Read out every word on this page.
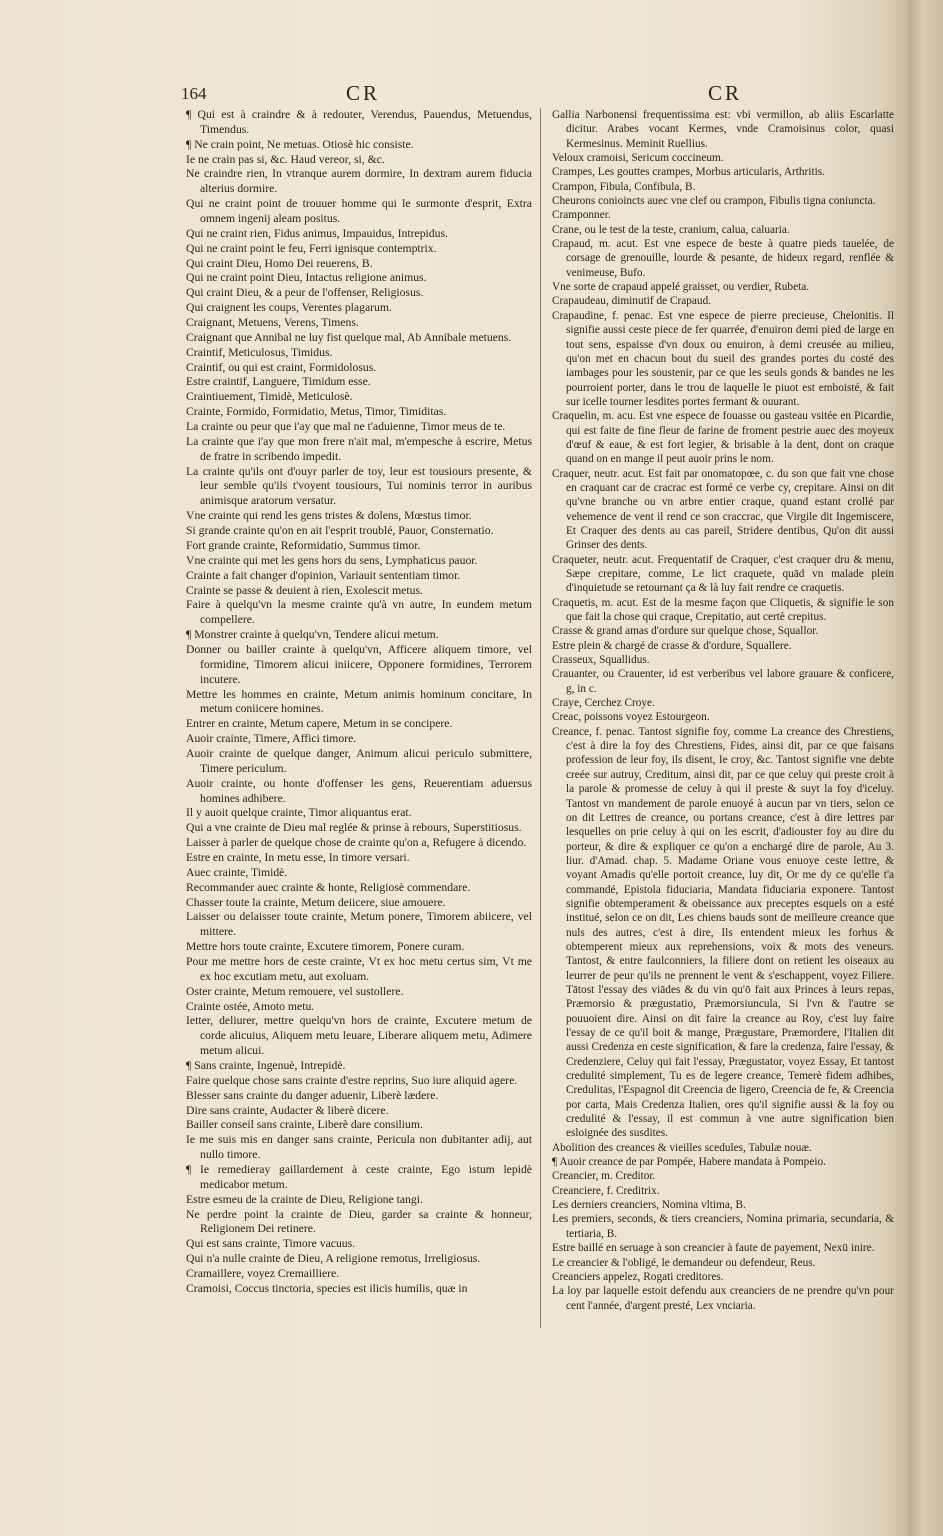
164	CR	CR

¶ Qui est à craindre & à redouter, Verendus, Pauendus, Metuendus, Timendus.

¶ Ne crain point, Ne metuas. Otiosè hic consiste.

Ie ne crain pas si, &c. Haud vereor, si, &c.

Ne craindre rien, In vtranque aurem dormire, In dextram aurem fiducia alterius dormire.

Qui ne craint point de trouuer homme qui le surmonte d'esprit, Extra omnem ingenij aleam positus.

Qui ne craint rien, Fidus animus, Impauidus, Intrepidus.

Qui ne craint point le feu, Ferri ignisque contemptrix.

Qui craint Dieu, Homo Dei reuerens, B.

Qui ne craint point Dieu, Intactus religione animus.

Qui craint Dieu, & a peur de l'offenser, Religiosus.

Qui craignent les coups, Verentes plagarum.

Craignant, Metuens, Verens, Timens.

Craignant que Annibal ne luy fist quelque mal, Ab Annibale metuens.

Craintif, Meticulosus, Timidus.

Craintif, ou qui est craint, Formidolosus.

Estre craintif, Languere, Timidum esse.

Craintiuement, Timidè, Meticulosè.

Crainte, Formido, Formidatio, Metus, Timor, Timiditas.

La crainte ou peur que i'ay que mal ne t'aduienne, Timor meus de te.

La crainte que i'ay que mon frere n'ait mal, m'empesche à escrire, Metus de fratre in scribendo impedit.

La crainte qu'ils ont d'ouyr parler de toy, leur est tousiours presente, & leur semble qu'ils t'voyent tousiours, Tui nominis terror in auribus animisque aratorum versatur.

Vne crainte qui rend les gens tristes & dolens, Mœstus timor.

Si grande crainte qu'on en ait l'esprit troublé, Pauor, Consternatio.

Fort grande crainte, Reformidatio, Summus timor.

Vne crainte qui met les gens hors du sens, Lymphaticus pauor.

Crainte a fait changer d'opinion, Variauit sententiam timor.

Crainte se passe & deuient à rien, Exolescit metus.

Faire à quelqu'vn la mesme crainte qu'à vn autre, In eundem metum compellere.

¶ Monstrer crainte à quelqu'vn, Tendere alicui metum.

Donner ou bailler crainte à quelqu'vn, Afficere aliquem timore, vel formidine, Timorem alicui iniicere, Opponere formidines, Terrorem incutere.

Mettre les hommes en crainte, Metum animis hominum concitare, In metum coniicere homines.

Entrer en crainte, Metum capere, Metum in se concipere.

Auoir crainte, Timere, Affici timore.

Auoir crainte de quelque danger, Animum alicui periculo submittere, Timere periculum.

Auoir crainte, ou honte d'offenser les gens, Reuerentiam aduersus homines adhibere.

Il y auoit quelque crainte, Timor aliquantus erat.

Qui a vne crainte de Dieu mal reglée & prinse à rebours, Superstitiosus.

Laisser à parler de quelque chose de crainte qu'on a, Refugere à dicendo.

Estre en crainte, In metu esse, In timore versari.

Auec crainte, Timidè.

Recommander auec crainte & honte, Religiosè commendare.

Chasser toute la crainte, Metum deiicere, siue amouere.

Laisser ou delaisser toute crainte, Metum ponere, Timorem abiicere, vel mittere.

Mettre hors toute crainte, Excutere timorem, Ponere curam.

Pour me mettre hors de ceste crainte, Vt ex hoc metu certus sim, Vt me ex hoc excutiam metu, aut exoluam.

Oster crainte, Metum remouere, vel sustollere.

Crainte ostée, Amoto metu.

Ietter, deliurer, mettre quelqu'vn hors de crainte, Excutere metum de corde alicuius, Aliquem metu leuare, Liberare aliquem metu, Adimere metum alicui.

¶ Sans crainte, Ingenuè, Intrepidè.

Faire quelque chose sans crainte d'estre reprins, Suo iure aliquid agere.

Blesser sans crainte du danger aduenir, Liberè lædere.

Dire sans crainte, Audacter & liberè dicere.

Bailler conseil sans crainte, Liberè dare consilium.

Ie me suis mis en danger sans crainte, Pericula non dubitanter adij, aut nullo timore.

¶ Ie remedieray gaillardement à ceste crainte, Ego istum lepidè medicabor metum.

Estre esmeu de la crainte de Dieu, Religione tangi.

Ne perdre point la crainte de Dieu, garder sa crainte & honneur, Religionem Dei retinere.

Qui est sans crainte, Timore vacuus.

Qui n'a nulle crainte de Dieu, A religione remotus, Irreligiosus.

Cramaillere, voyez Cremailliere.

Cramoisi, Coccus tinctoria, species est ilicis humilis, quæ in

Gallia Narbonensi frequentissima est: vbi vermillon, ab aliis Escarlatte dicitur. Arabes vocant Kermes, vnde Cramoisinus color, quasi Kermesinus. Meminit Ruellius.

Veloux cramoisi, Sericum coccineum.

Crampes, Les gouttes crampes, Morbus articularis, Arthritis.

Crampon, Fibula, Confibula, B.

Cheurons conioincts auec vne clef ou crampon, Fibulis tigna coniuncta.

Cramponner.

Crane, ou le test de la teste, cranium, calua, caluaria.

Crapaud, m. acut. Est vne espece de beste à quatre pieds tauelée, de corsage de grenouille, lourde & pesante, de hideux regard, renflée & venimeuse, Bufo.

Vne sorte de crapaud appelé graisset, ou verdier, Rubeta.

Crapaudeau, diminutif de Crapaud.

Crapaudine, f. penac. Est vne espece de pierre precieuse, Chelonitis. Il signifie aussi ceste piece de fer quarrée, d'enuiron demi pied de large en tout sens, espaisse d'vn doux ou enuiron, à demi creusée au milieu, qu'on met en chacun bout du sueil des grandes portes du costé des iambages pour les soustenir, par ce que les seuls gonds & bandes ne les pourroient porter, dans le trou de laquelle le piuot est emboisté, & fait sur icelle tourner lesdites portes fermant & ouurant.

Craquelin, m. acu. Est vne espece de fouasse ou gasteau vsitée en Picardie, qui est faite de fine fleur de farine de froment pestrie auec des moyeux d'œuf & eaue, & est fort legier, & brisable à la dent, dont on craque quand on en mange il peut auoir prins le nom.

Craquer, neutr. acut. Est fait par onomatopœe, c. du son que fait vne chose en craquant car de cracrac est formé ce verbe cy, crepitare. Ainsi on dit qu'vne branche ou vn arbre entier craque, quand estant crollé par vehemence de vent il rend ce son craccrac, que Virgile dit Ingemiscere, Et Craquer des dents au cas pareil, Stridere dentibus, Qu'on dit aussi Grinser des dents.

Craqueter, neutr. acut. Frequentatif de Craquer, c'est craquer dru & menu, Sæpe crepitare, comme, Le lict craquete, quād vn malade plein d'inquietude se retournant ça & là luy fait rendre ce craquetis.

Craquetis, m. acut. Est de la mesme façon que Cliquetis, & signifie le son que fait la chose qui craque, Crepitatio, aut certè crepitus.

Crasse & grand amas d'ordure sur quelque chose, Squallor.

Estre plein & chargé de crasse & d'ordure, Squallere.

Crasseux, Squallidus.

Crauanter, ou Crauenter, id est verberibus vel labore grauare & conficere, g, in c.

Craye, Cerchez Croye.

Creac, poissons voyez Estourgeon.

Creance, f. penac. Tantost signifie foy, comme La creance des Chrestiens, c'est à dire la foy des Chrestiens, Fides, ainsi dit, par ce que faisans profession de leur foy, ils disent, Ie croy, &c. Tantost signifie vne debte creée sur autruy, Creditum, ainsi dit, par ce que celuy qui preste croit à la parole & promesse de celuy à qui il preste & suyt la foy d'iceluy. Tantost vn mandement de parole enuoyé à aucun par vn tiers, selon ce on dit Lettres de creance, ou portans creance, c'est à dire lettres par lesquelles on prie celuy à qui on les escrit, d'adiouster foy au dire du porteur, & dire & expliquer ce qu'on a enchargé dire de parole, Au 3. liur. d'Amad. chap. 5. Madame Oriane vous enuoye ceste lettre, & voyant Amadis qu'elle portoit creance, luy dit, Or me dy ce qu'elle t'a commandé, Epistola fiduciaria, Mandata fiduciaria exponere. Tantost signifie obtemperament & obeissance aux preceptes esquels on a esté institué, selon ce on dit, Les chiens bauds sont de meilleure creance que nuls des autres, c'est à dire, Ils entendent mieux les forhus & obtemperent mieux aux reprehensions, voix & mots des veneurs. Tantost, & entre faulconniers, la filiere dont on retient les oiseaux au leurrer de peur qu'ils ne prennent le vent & s'eschappent, voyez Filiere. Tātost l'essay des viādes & du vin qu'ō fait aux Princes à leurs repas, Præmorsio & prægustatio, Præmorsiuncula, Si l'vn & l'autre se pouuoient dire. Ainsi on dit faire la creance au Roy, c'est luy faire l'essay de ce qu'il boit & mange, Prægustare, Præmordere, l'Italien dit aussi Credenza en ceste signification, & fare la credenza, faire l'essay, & Credenziere, Celuy qui fait l'essay, Prægustator, voyez Essay, Et tantost credulité simplement, Tu es de legere creance, Temerè fidem adhibes, Credulitas, l'Espagnol dit Creencia de ligero, Creencia de fe, & Creencia por carta, Mais Credenza Italien, ores qu'il signifie aussi & la foy ou credulité & l'essay, il est commun à vne autre signification bien esloignée des susdites.

Abolition des creances & vieilles scedules, Tabulæ nouæ.

¶ Auoir creance de par Pompée, Habere mandata à Pompeio.

Creancier, m. Creditor.

Creanciere, f. Creditrix.

Les derniers creanciers, Nomina vltima, B.

Les premiers, seconds, & tiers creanciers, Nomina primaria, secundaria, & tertiaria, B.

Estre baillé en seruage à son creancier à faute de payement, Nexū inire.

Le creancier & l'obligé, le demandeur ou defendeur, Reus.

Creanciers appelez, Rogati creditores.

La loy par laquelle estoit defendu aux creanciers de ne prendre qu'vn pour cent l'année, d'argent presté, Lex vnciaria.
